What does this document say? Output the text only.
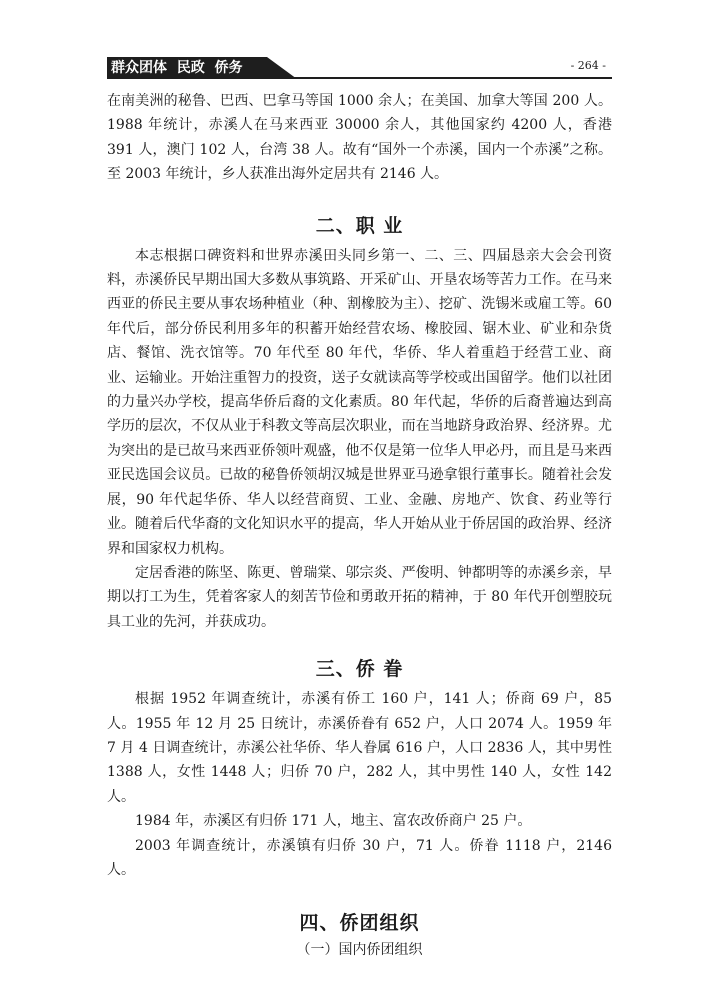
群众团体  民政  侨务	- 264 -

在南美洲的秘鲁、巴西、巴拿马等国 1000 余人；在美国、加拿大等国 200 人。1988 年统计，赤溪人在马来西亚 30000 余人，其他国家约 4200 人，香港 391 人，澳门 102 人，台湾 38 人。故有“国外一个赤溪，国内一个赤溪”之称。至 2003 年统计，乡人获准出海外定居共有 2146 人。

二、职 业

本志根据口碑资料和世界赤溪田头同乡第一、二、三、四届恳亲大会会刊资料，赤溪侨民早期出国大多数从事筑路、开采矿山、开垦农场等苦力工作。在马来西亚的侨民主要从事农场种植业（种、割橡胶为主）、挖矿、洗锡米或雇工等。60 年代后，部分侨民利用多年的积蓄开始经营农场、橡胶园、锯木业、矿业和杂货店、餐馆、洗衣馆等。70 年代至 80 年代，华侨、华人着重趋于经营工业、商业、运输业。开始注重智力的投资，送子女就读高等学校或出国留学。他们以社团的力量兴办学校，提高华侨后裔的文化素质。80 年代起，华侨的后裔普遍达到高学历的层次，不仅从业于科教文等高层次职业，而在当地跻身政治界、经济界。尤为突出的是已故马来西亚侨领叶观盛，他不仅是第一位华人甲必丹，而且是马来西亚民选国会议员。已故的秘鲁侨领胡汉城是世界亚马逊拿银行董事长。随着社会发展，90 年代起华侨、华人以经营商贸、工业、金融、房地产、饮食、药业等行业。随着后代华裔的文化知识水平的提高，华人开始从业于侨居国的政治界、经济界和国家权力机构。

定居香港的陈坚、陈更、曾瑞棠、邬宗炎、严俊明、钟都明等的赤溪乡亲，早期以打工为生，凭着客家人的刻苦节俭和勇敢开拓的精神，于 80 年代开创塑胶玩具工业的先河，并获成功。

三、侨 眷

根据 1952 年调查统计，赤溪有侨工 160 户，141 人；侨商 69 户，85 人。1955 年 12 月 25 日统计，赤溪侨眷有 652 户，人口 2074 人。1959 年 7 月 4 日调查统计，赤溪公社华侨、华人眷属 616 户，人口 2836 人，其中男性 1388 人，女性 1448 人；归侨 70 户，282 人，其中男性 140 人，女性 142 人。

1984 年，赤溪区有归侨 171 人，地主、富农改侨商户 25 户。

2003 年调查统计，赤溪镇有归侨 30 户，71 人。侨眷 1118 户，2146 人。

四、侨团组织

（一）国内侨团组织
